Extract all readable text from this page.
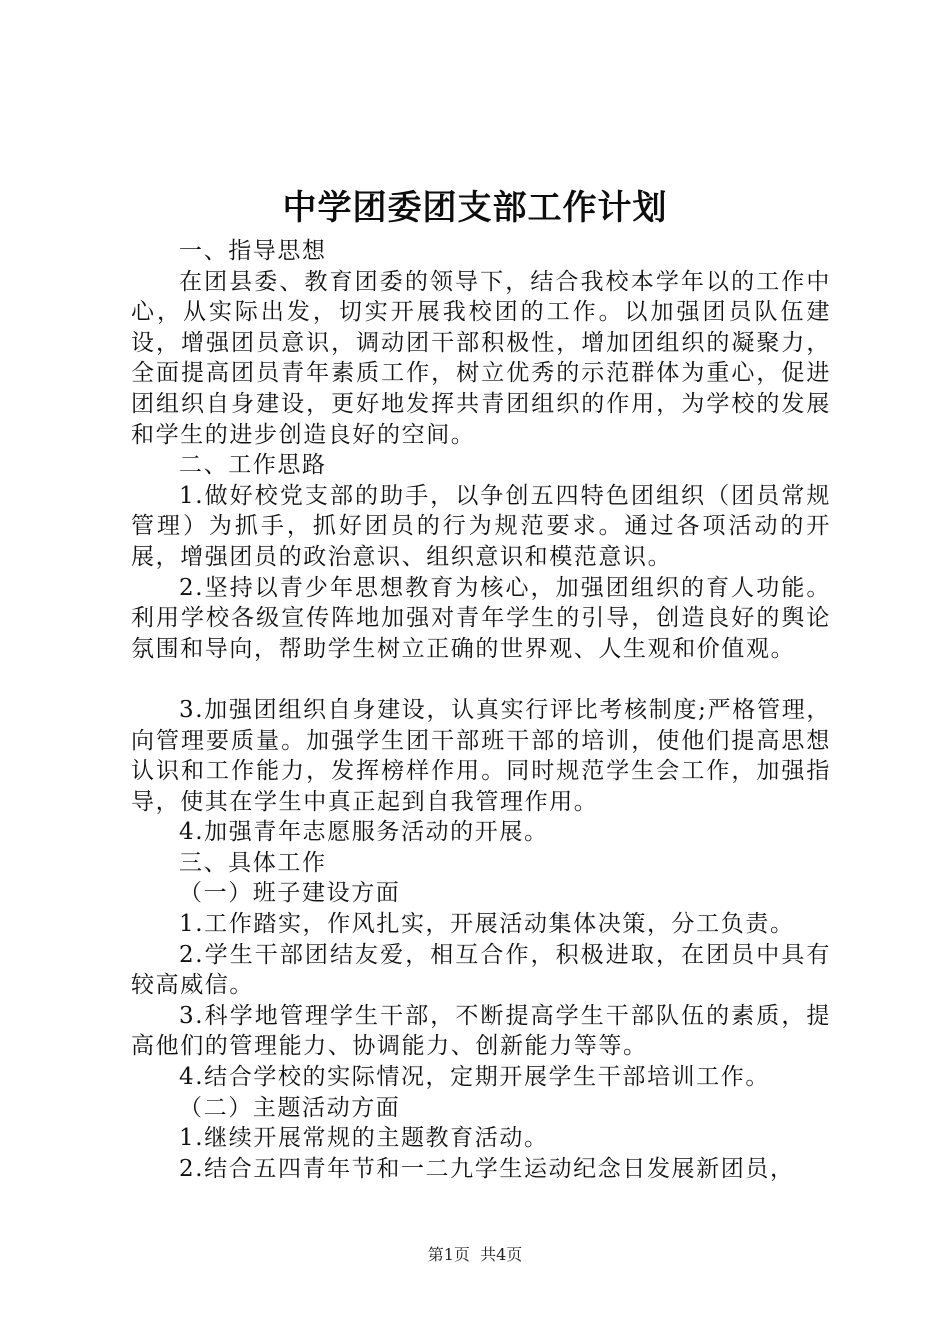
中学团委团支部工作计划

一、指导思想

在团县委、教育团委的领导下，结合我校本学年以的工作中心，从实际出发，切实开展我校团的工作。以加强团员队伍建设，增强团员意识，调动团干部积极性，增加团组织的凝聚力，全面提高团员青年素质工作，树立优秀的示范群体为重心，促进团组织自身建设，更好地发挥共青团组织的作用，为学校的发展和学生的进步创造良好的空间。

二、工作思路

1.做好校党支部的助手，以争创五四特色团组织（团员常规管理）为抓手，抓好团员的行为规范要求。通过各项活动的开展，增强团员的政治意识、组织意识和模范意识。

2.坚持以青少年思想教育为核心，加强团组织的育人功能。利用学校各级宣传阵地加强对青年学生的引导，创造良好的舆论氛围和导向，帮助学生树立正确的世界观、人生观和价值观。

3.加强团组织自身建设，认真实行评比考核制度;严格管理，向管理要质量。加强学生团干部班干部的培训，使他们提高思想认识和工作能力，发挥榜样作用。同时规范学生会工作，加强指导，使其在学生中真正起到自我管理作用。

4.加强青年志愿服务活动的开展。

三、具体工作

（一）班子建设方面

1.工作踏实，作风扎实，开展活动集体决策，分工负责。

2.学生干部团结友爱，相互合作，积极进取，在团员中具有较高威信。

3.科学地管理学生干部，不断提高学生干部队伍的素质，提高他们的管理能力、协调能力、创新能力等等。

4.结合学校的实际情况，定期开展学生干部培训工作。

（二）主题活动方面

1.继续开展常规的主题教育活动。

2.结合五四青年节和一二九学生运动纪念日发展新团员，

第1页 共4页
